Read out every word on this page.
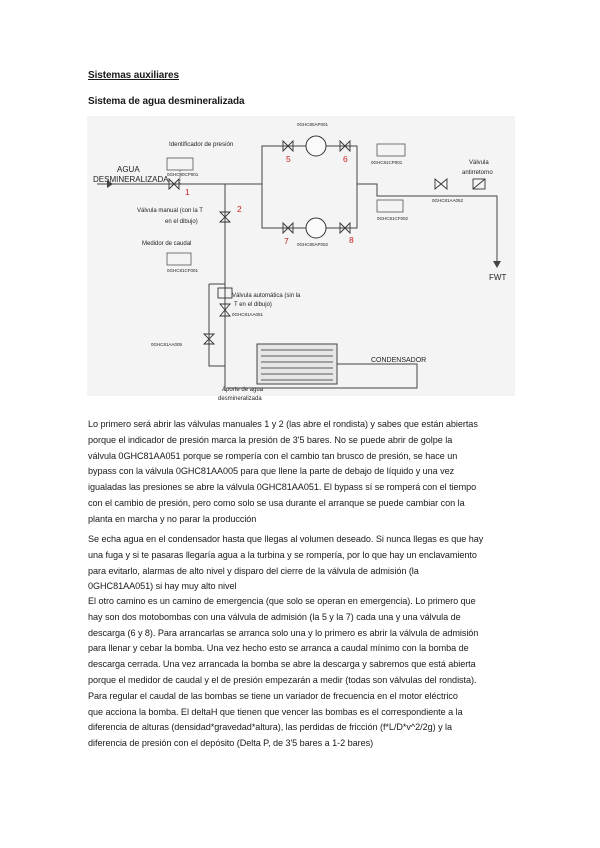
Sistemas auxiliares
Sistema de agua desmineralizada
AGUA
DESMINERALIZADA
Identificador de presión
0GHC80CP001
Válvula manual (con la T
en el dibujo)
Medidor de caudal
0GHC81CF001
Válvula automática (sin la
T en el dibujo)
0GHC81AA051
0GHC81AA005
0GHC80AP001
0GHC80AP002
0GHC81CP001
0GHC81AA052
0GHC81CF002
Válvula
antirretorno
FWT
CONDENSADOR
Aporte de agua
desmineralizada
1
2
5	6
7	8

Lo primero será abrir las válvulas manuales 1 y 2 (las abre el rondista) y sabes que están abiertas
porque el indicador de presión marca la presión de 3'5 bares. No se puede abrir de golpe la
válvula 0GHC81AA051 porque se rompería con el cambio tan brusco de presión, se hace un
bypass con la válvula 0GHC81AA005 para que llene la parte de debajo de líquido y una vez
igualadas las presiones se abre la válvula 0GHC81AA051. El bypass sí se romperá con el tiempo
con el cambio de presión, pero como solo se usa durante el arranque se puede cambiar con la
planta en marcha y no parar la producción

Se echa agua en el condensador hasta que llegas al volumen deseado. Si nunca llegas es que hay
una fuga y si te pasaras llegaría agua a la turbina y se rompería, por lo que hay un enclavamiento
para evitarlo, alarmas de alto nivel y disparo del cierre de la válvula de admisión (la
0GHC81AA051) si hay muy alto nivel

El otro camino es un camino de emergencia (que solo se operan en emergencia). Lo primero que
hay son dos motobombas con una válvula de admisión (la 5 y la 7) cada una y una válvula de
descarga (6 y 8). Para arrancarlas se arranca solo una y lo primero es abrir la válvula de admisión
para llenar y cebar la bomba. Una vez hecho esto se arranca a caudal mínimo con la bomba de
descarga cerrada. Una vez arrancada la bomba se abre la descarga y sabremos que está abierta
porque el medidor de caudal y el de presión empezarán a medir (todas son válvulas del rondista).
Para regular el caudal de las bombas se tiene un variador de frecuencia en el motor eléctrico
que acciona la bomba. El deltaH que tienen que vencer las bombas es el correspondiente a la
diferencia de alturas (densidad*gravedad*altura), las perdidas de fricción (f*L/D*v^2/2g) y la
diferencia de presión con el depósito (Delta P, de 3'5 bares a 1-2 bares)
